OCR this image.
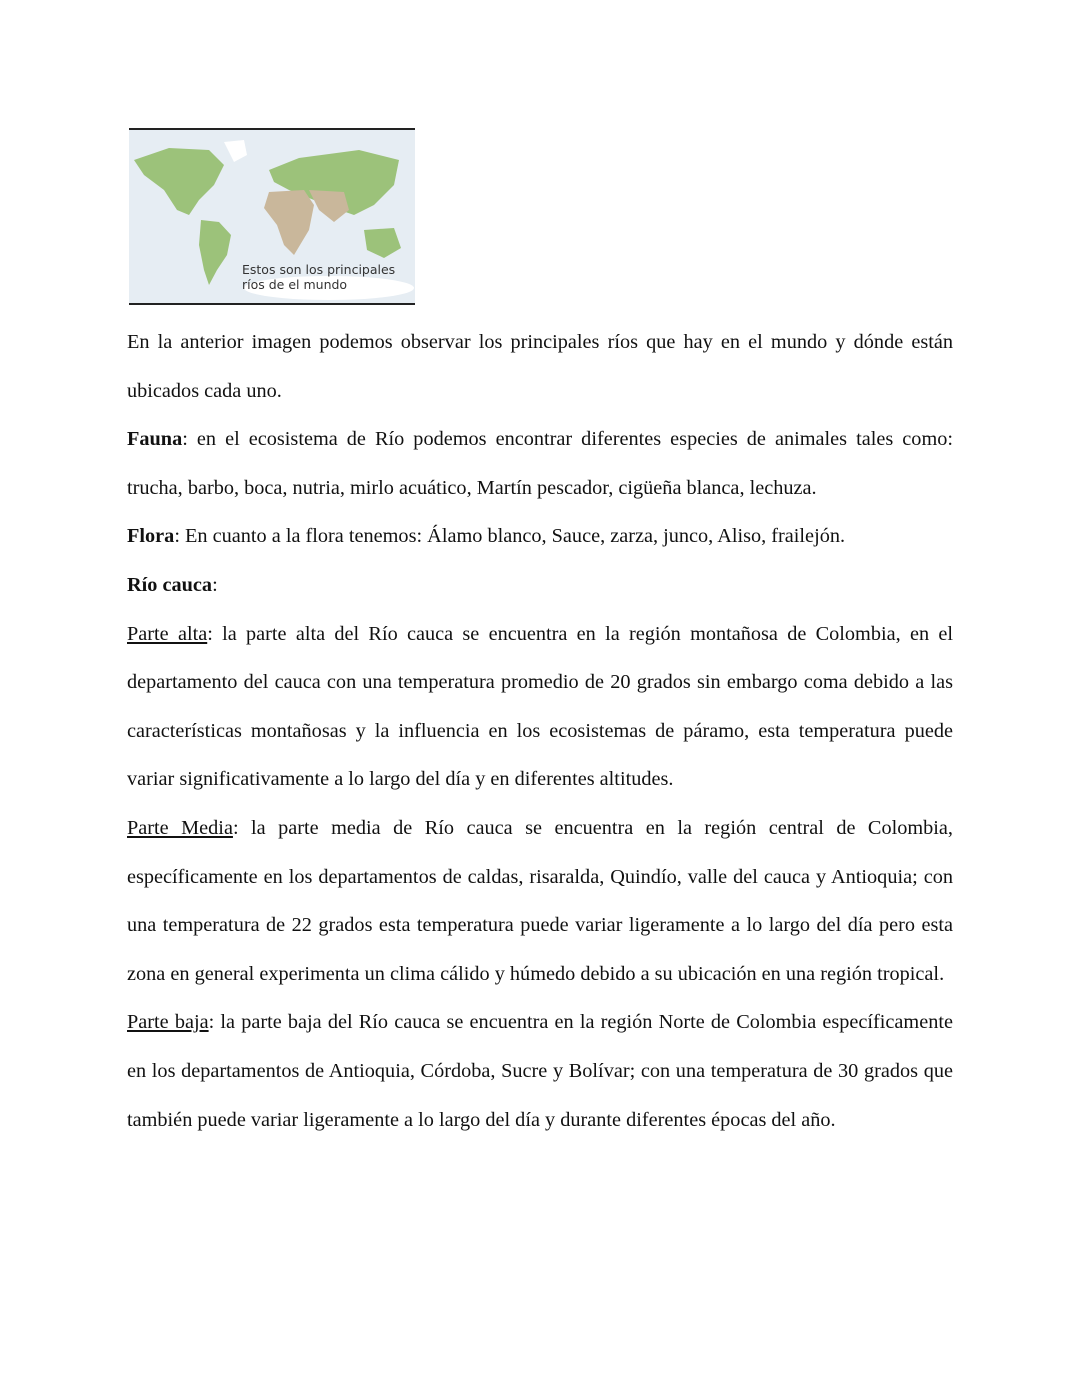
Estos son los principales
ríos de el mundo

En la anterior imagen podemos observar los principales ríos que hay en el mundo y dónde están ubicados cada uno.

Fauna: en el ecosistema de Río podemos encontrar diferentes especies de animales tales como: trucha, barbo, boca, nutria, mirlo acuático, Martín pescador, cigüeña blanca, lechuza.

Flora: En cuanto a la flora tenemos: Álamo blanco, Sauce, zarza, junco, Aliso, frailejón.

Río cauca:

Parte alta: la parte alta del Río cauca se encuentra en la región montañosa de Colombia, en el departamento del cauca con una temperatura promedio de 20 grados sin embargo coma debido a las características montañosas y la influencia en los ecosistemas de páramo, esta temperatura puede variar significativamente a lo largo del día y en diferentes altitudes.

Parte Media: la parte media de Río cauca se encuentra en la región central de Colombia, específicamente en los departamentos de caldas, risaralda, Quindío, valle del cauca y Antioquia; con una temperatura de 22 grados esta temperatura puede variar ligeramente a lo largo del día pero esta zona en general experimenta un clima cálido y húmedo debido a su ubicación en una región tropical.

Parte baja: la parte baja del Río cauca se encuentra en la región Norte de Colombia específicamente en los departamentos de Antioquia, Córdoba, Sucre y Bolívar; con una temperatura de 30 grados que también puede variar ligeramente a lo largo del día y durante diferentes épocas del año.
